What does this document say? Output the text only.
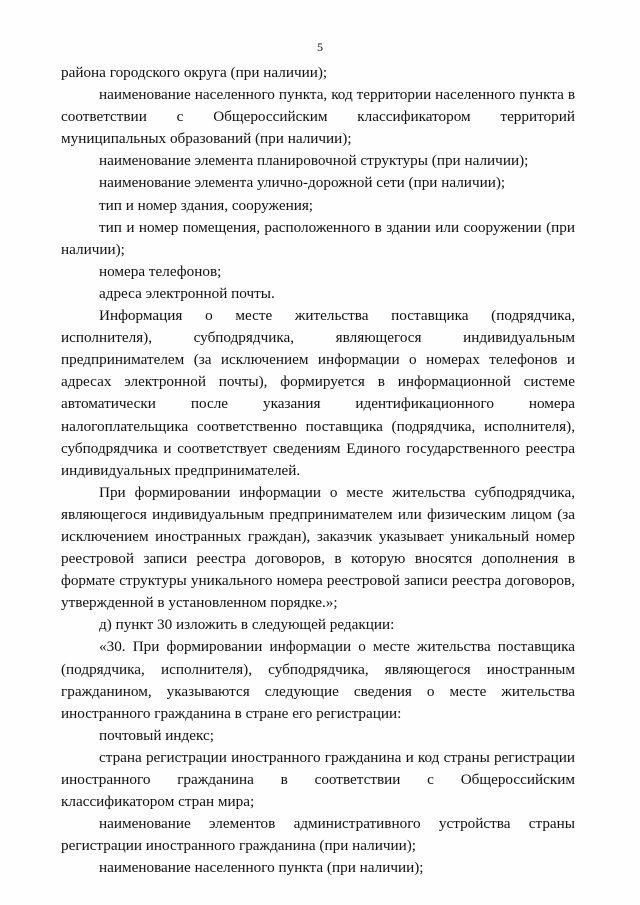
5

района городского округа (при наличии);

наименование населенного пункта, код территории населенного пункта в соответствии с Общероссийским классификатором территорий муниципальных образований (при наличии);

наименование элемента планировочной структуры (при наличии);

наименование элемента улично-дорожной сети (при наличии);

тип и номер здания, сооружения;

тип и номер помещения, расположенного в здании или сооружении (при наличии);

номера телефонов;

адреса электронной почты.

Информация о месте жительства поставщика (подрядчика, исполнителя), субподрядчика, являющегося индивидуальным предпринимателем (за исключением информации о номерах телефонов и адресах электронной почты), формируется в информационной системе автоматически после указания идентификационного номера налогоплательщика соответственно поставщика (подрядчика, исполнителя), субподрядчика и соответствует сведениям Единого государственного реестра индивидуальных предпринимателей.

При формировании информации о месте жительства субподрядчика, являющегося индивидуальным предпринимателем или физическим лицом (за исключением иностранных граждан), заказчик указывает уникальный номер реестровой записи реестра договоров, в которую вносятся дополнения в формате структуры уникального номера реестровой записи реестра договоров, утвержденной в установленном порядке.»;

д) пункт 30 изложить в следующей редакции:

«30. При формировании информации о месте жительства поставщика (подрядчика, исполнителя), субподрядчика, являющегося иностранным гражданином, указываются следующие сведения о месте жительства иностранного гражданина в стране его регистрации:

почтовый индекс;

страна регистрации иностранного гражданина и код страны регистрации иностранного гражданина в соответствии с Общероссийским классификатором стран мира;

наименование элементов административного устройства страны регистрации иностранного гражданина (при наличии);

наименование населенного пункта (при наличии);
